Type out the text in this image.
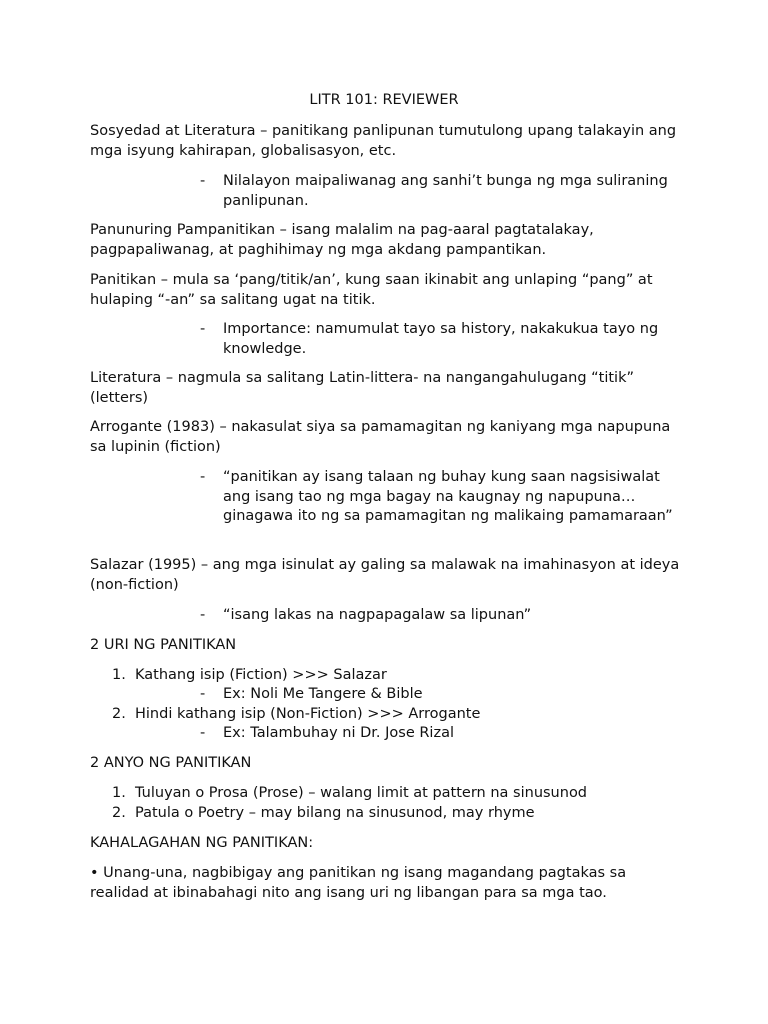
LITR 101: REVIEWER
Sosyedad at Literatura – panitikang panlipunan tumutulong upang talakayin ang mga isyung kahirapan, globalisasyon, etc.
- Nilalayon maipaliwanag ang sanhi’t bunga ng mga suliraning panlipunan.
Panunuring Pampanitikan – isang malalim na pag-aaral pagtatalakay, pagpapaliwanag, at paghihimay ng mga akdang pampantikan.
Panitikan – mula sa ‘pang/titik/an’, kung saan ikinabit ang unlaping “pang” at hulaping “-an” sa salitang ugat na titik.
- Importance: namumulat tayo sa history, nakakukua tayo ng knowledge.
Literatura – nagmula sa salitang Latin-littera- na nangangahulugang “titik” (letters)
Arrogante (1983) – nakasulat siya sa pamamagitan ng kaniyang mga napupuna sa lupinin (fiction)
- “panitikan ay isang talaan ng buhay kung saan nagsisiwalat ang isang tao ng mga bagay na kaugnay ng napupuna… ginagawa ito ng sa pamamagitan ng malikaing pamamaraan”
Salazar (1995) – ang mga isinulat ay galing sa malawak na imahinasyon at ideya (non-fiction)
- “isang lakas na nagpapagalaw sa lipunan”
2 URI NG PANITIKAN
1. Kathang isip (Fiction) >>> Salazar
- Ex: Noli Me Tangere & Bible
2. Hindi kathang isip (Non-Fiction) >>> Arrogante
- Ex: Talambuhay ni Dr. Jose Rizal
2 ANYO NG PANITIKAN
1. Tuluyan o Prosa (Prose) – walang limit at pattern na sinusunod
2. Patula o Poetry – may bilang na sinusunod, may rhyme
KAHALAGAHAN NG PANITIKAN:
• Unang-una, nagbibigay ang panitikan ng isang magandang pagtakas sa realidad at ibinabahagi nito ang isang uri ng libangan para sa mga tao.
